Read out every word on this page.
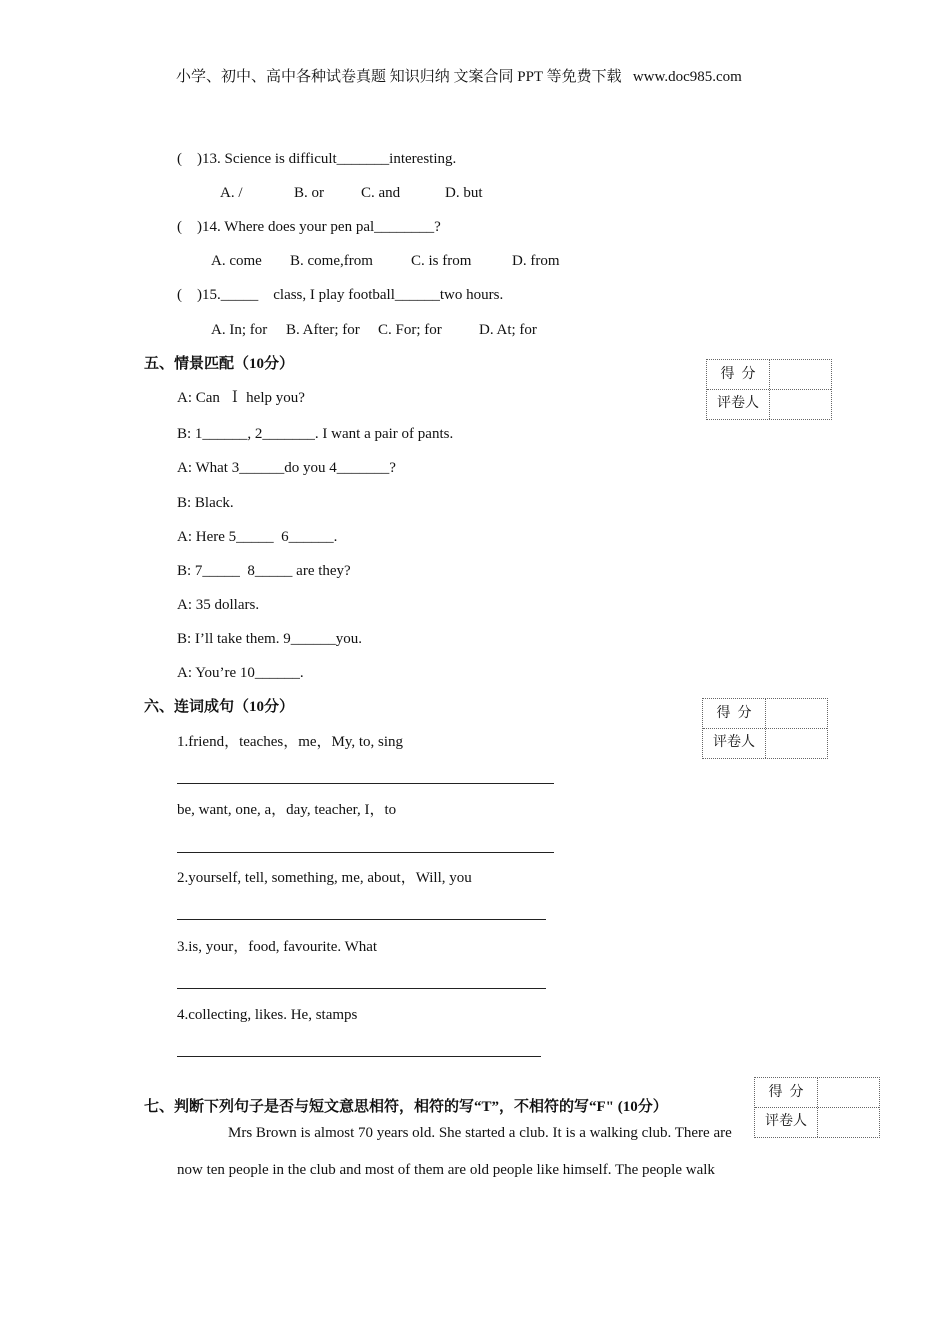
小学、初中、高中各种试卷真题 知识归纳 文案合同 PPT 等免费下载   www.doc985.com
(    )13. Science is difficult_______interesting.
A. /	B. or C. and	D. but
(    )14. Where does your pen pal________?
A. come B. come,from	C. is from	D. from
(    )15._____    class, I play football______two hours.
A. In; for B. After; for C. For; for D. At; for
五、情景匹配（10分）
得  分
评卷人
A: Can  Ｉ help you?
B: 1______, 2_______. I want a pair of pants.
A: What 3______do you 4_______?
B: Black.
A: Here 5_____  6______.
B: 7_____  8_____ are they?
A: 35 dollars.
B: I’ll take them. 9______you.
A: You’re 10______.
六、连词成句（10分）	得  分
评卷人
1.friend，teaches，me，My, to, sing
be, want, one, a，day, teacher, I，to
2.yourself, tell, something, me, about，Will, you
3.is, your，food, favourite. What
4.collecting, likes. He, stamps
七、判断下列句子是否与短文意思相符，相符的写“T”，不相符的写“F" (10分）
Mrs Brown is almost 70 years old. She started a club. It is a walking club. There are
now ten people in the club and most of them are old people like himself. The people walk
得  分
评卷人
